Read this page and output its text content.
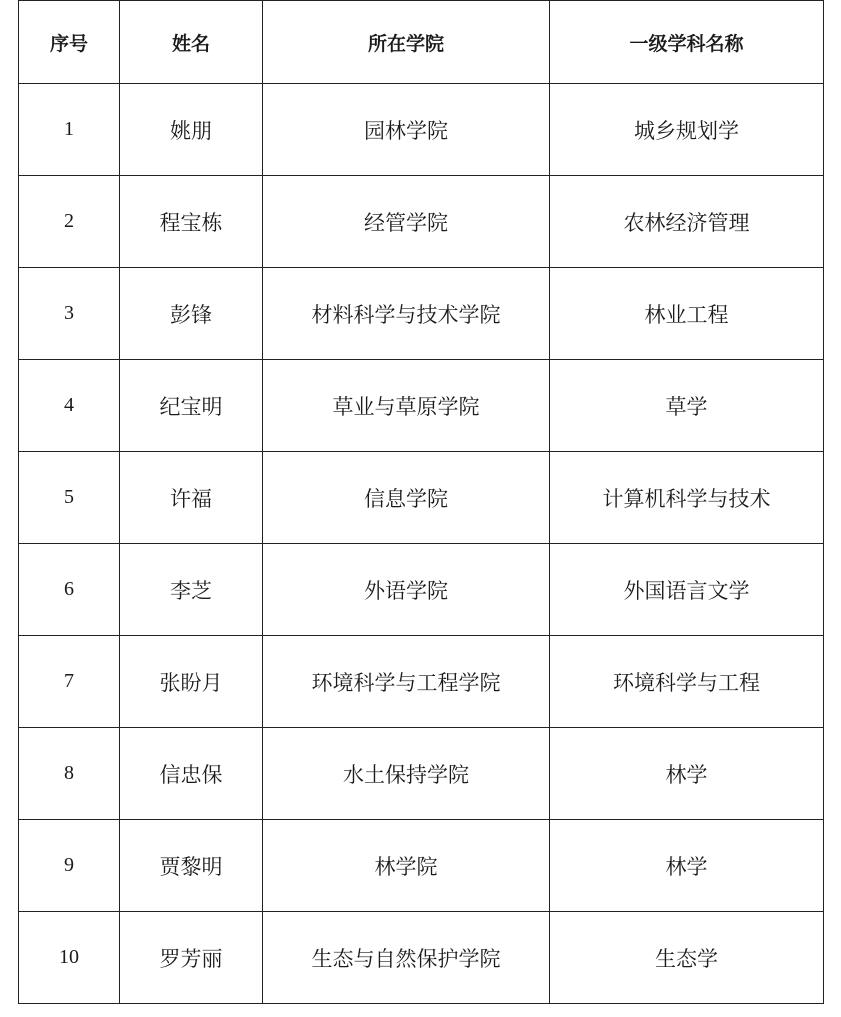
序号	姓名	所在学院	一级学科名称
1	姚朋	园林学院	城乡规划学
2	程宝栋	经管学院	农林经济管理
3	彭锋	材料科学与技术学院	林业工程
4	纪宝明	草业与草原学院	草学
5	许福	信息学院	计算机科学与技术
6	李芝	外语学院	外国语言文学
7	张盼月	环境科学与工程学院	环境科学与工程
8	信忠保	水土保持学院	林学
9	贾黎明	林学院	林学
10	罗芳丽	生态与自然保护学院	生态学
